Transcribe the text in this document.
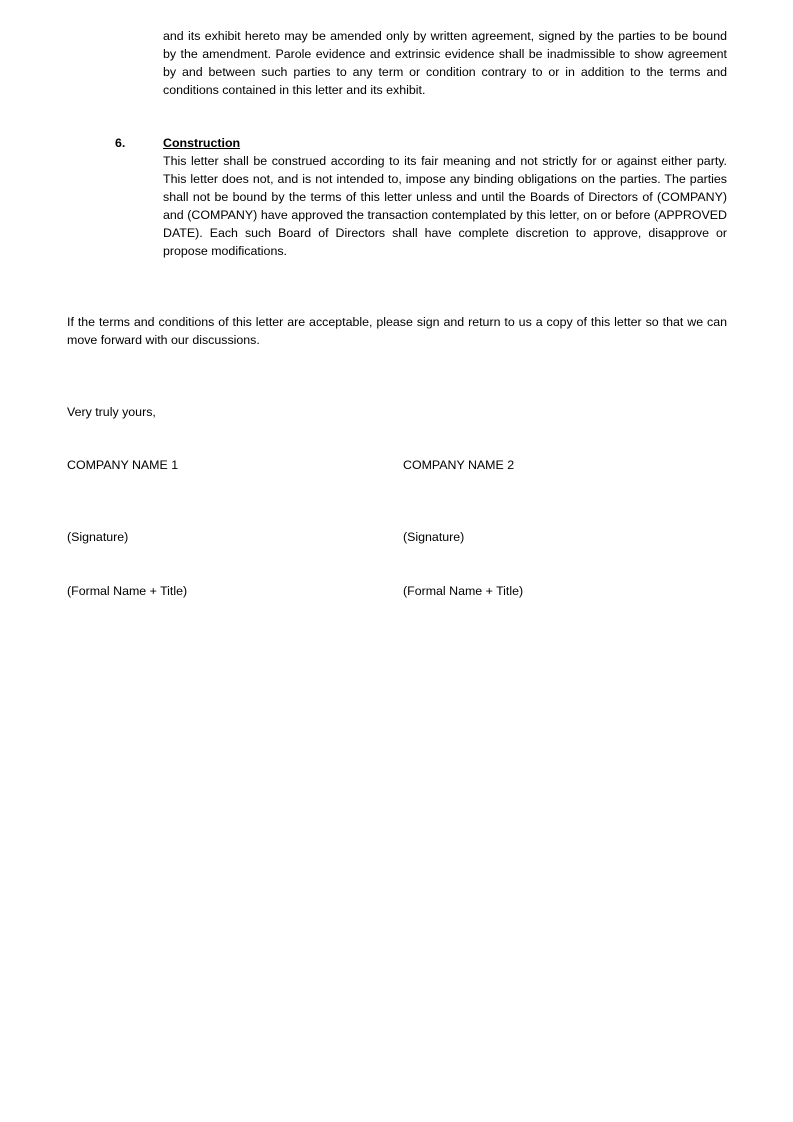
and its exhibit hereto may be amended only by written agreement, signed by the parties to be bound by the amendment. Parole evidence and extrinsic evidence shall be inadmissible to show agreement by and between such parties to any term or condition contrary to or in addition to the terms and conditions contained in this letter and its exhibit.

6.	Construction

This letter shall be construed according to its fair meaning and not strictly for or against either party. This letter does not, and is not intended to, impose any binding obligations on the parties. The parties shall not be bound by the terms of this letter unless and until the Boards of Directors of (COMPANY) and (COMPANY) have approved the transaction contemplated by this letter, on or before (APPROVED DATE). Each such Board of Directors shall have complete discretion to approve, disapprove or propose modifications.

If the terms and conditions of this letter are acceptable, please sign and return to us a copy of this letter so that we can move forward with our discussions.

Very truly yours,

COMPANY NAME 1
(Signature)
(Formal Name + Title)
COMPANY NAME 2
(Signature)
(Formal Name + Title)
